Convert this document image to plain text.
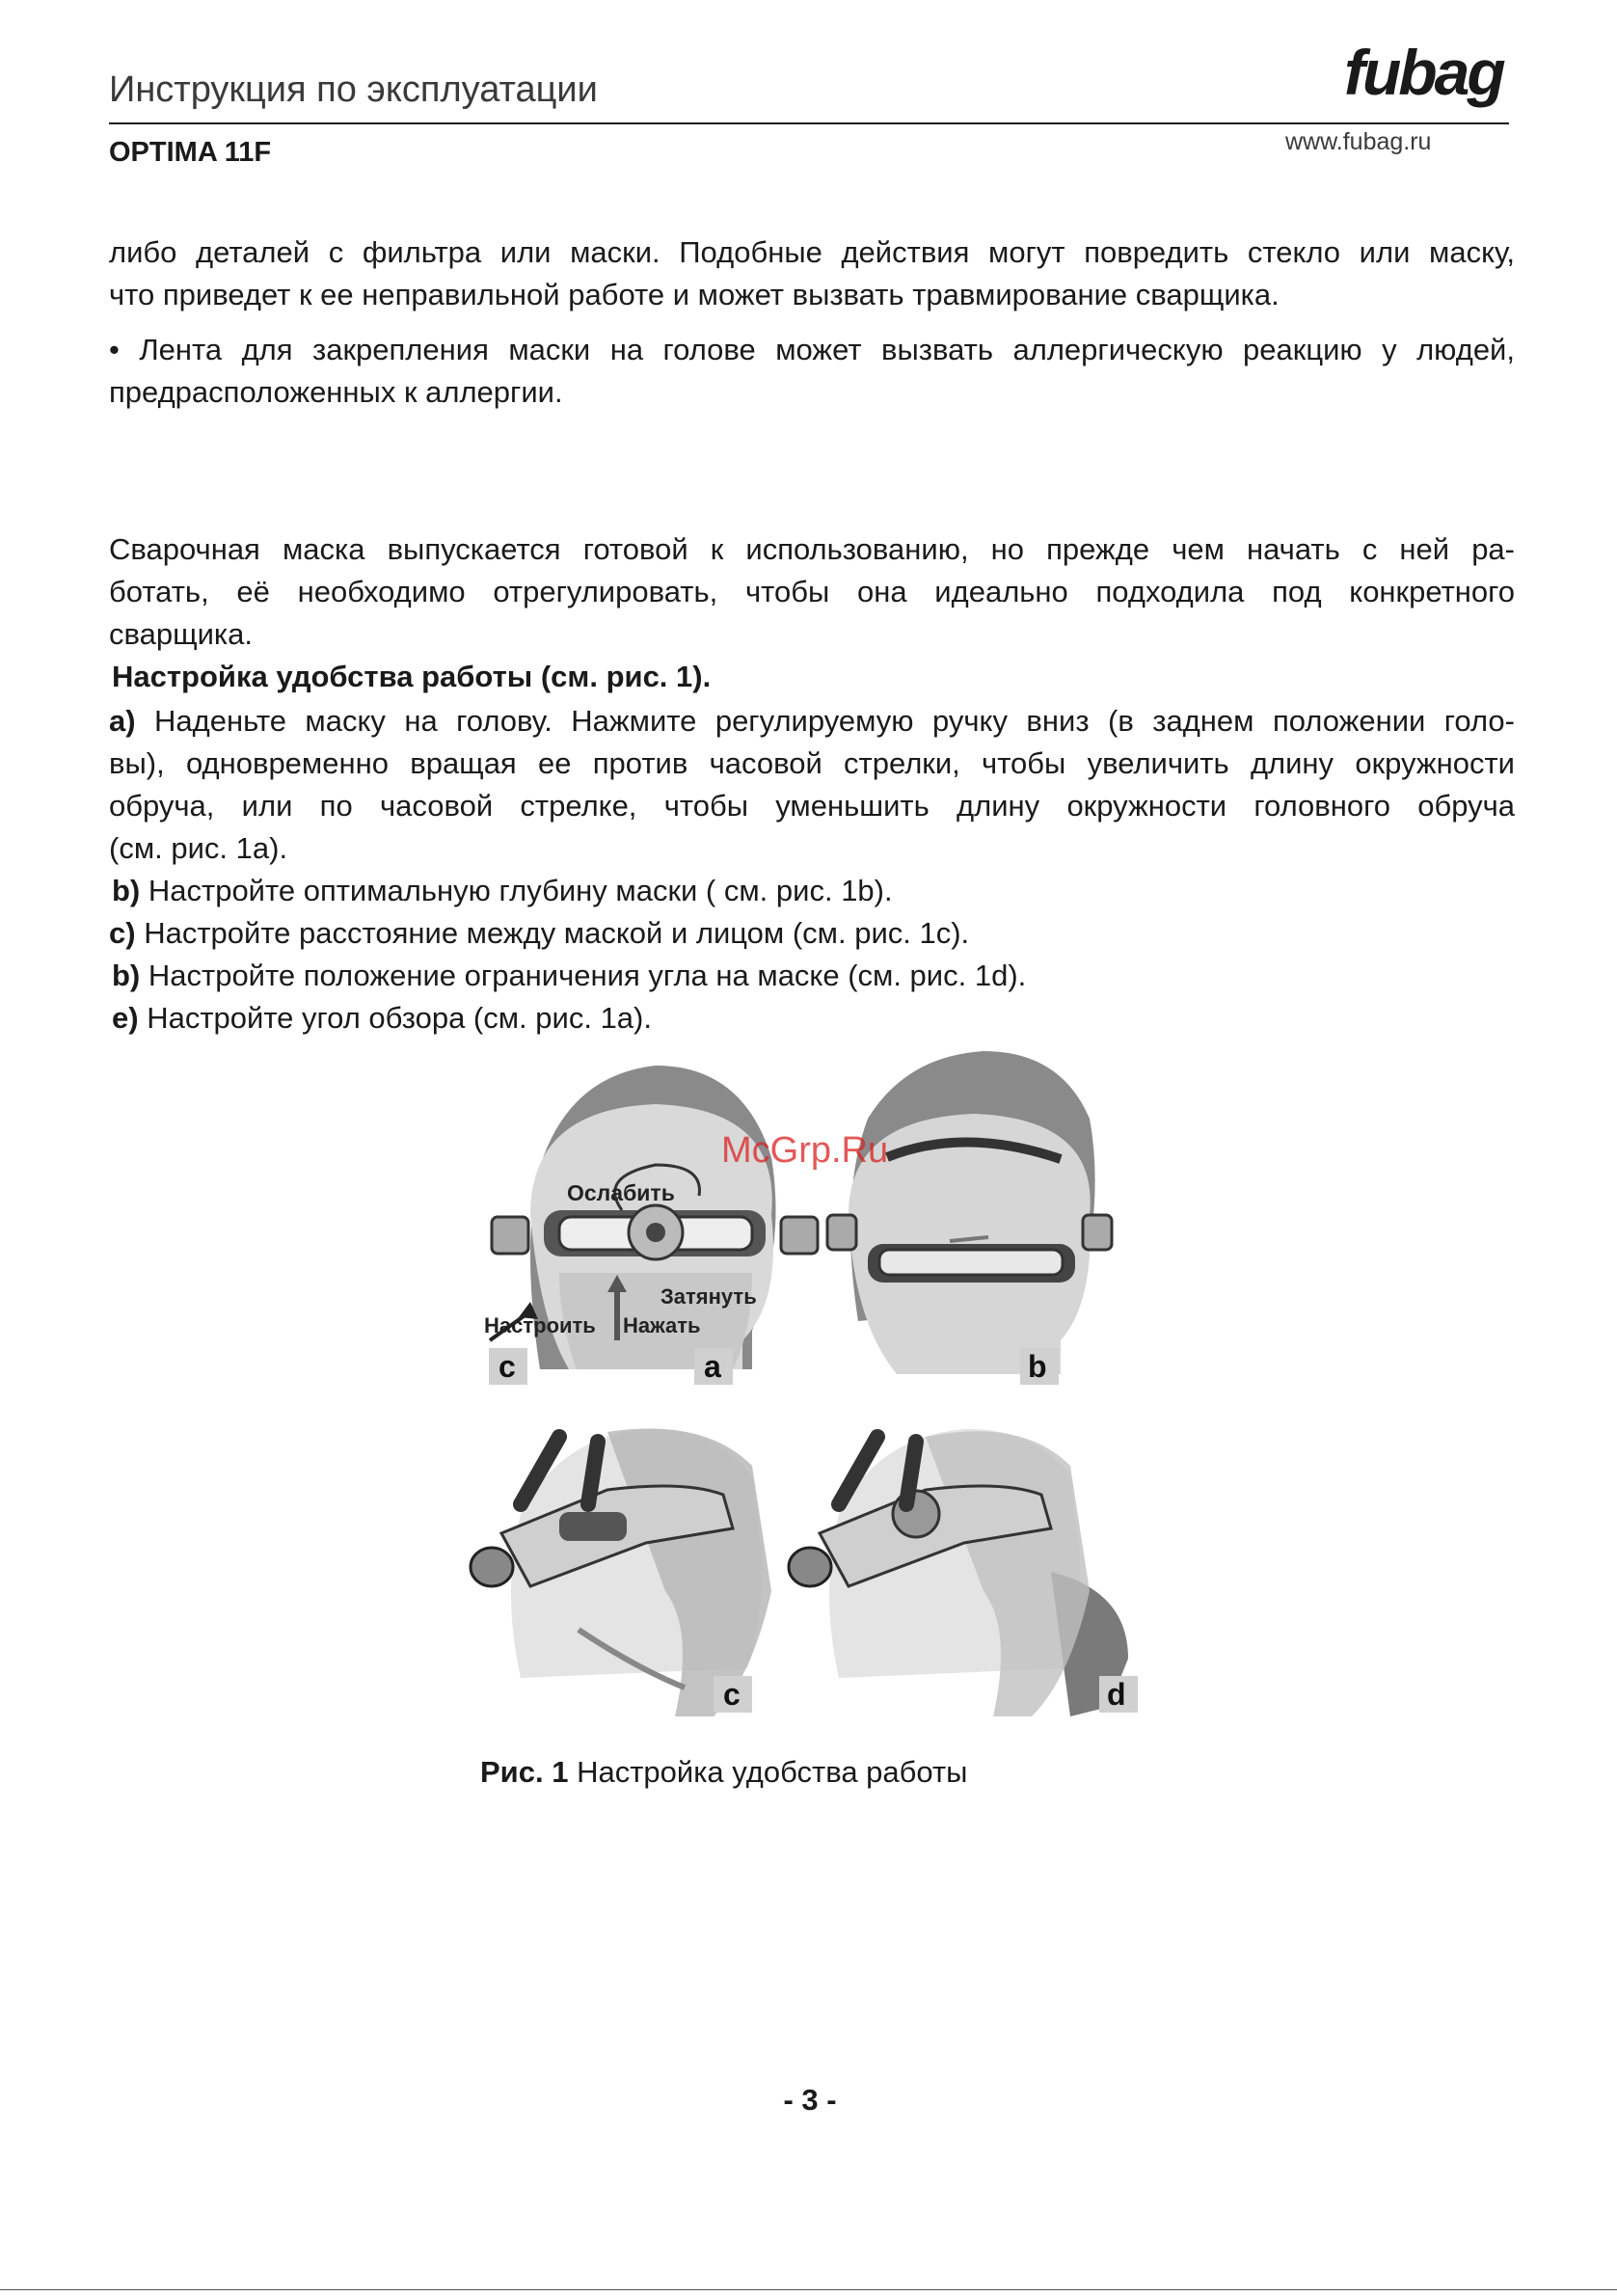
Инструкция по эксплуатации
OPTIMA 11F
fubag
www.fubag.ru
либо деталей с фильтра или маски. Подобные действия могут повредить стекло или маску,
что приведет к ее неправильной работе и может вызвать травмирование сварщика.
• Лента для закрепления маски на голове может вызвать аллергическую реакцию у людей,
предрасположенных к аллергии.
Сварочная маска выпускается готовой к использованию, но прежде чем начать с ней ра-
ботать, её необходимо отрегулировать, чтобы она идеально подходила под конкретного
сварщика.
Настройка удобства работы (см. рис. 1).
a) Наденьте маску на голову. Нажмите регулируемую ручку вниз (в заднем положении голо-
вы), одновременно вращая ее против часовой стрелки, чтобы увеличить длину окружности
обруча, или по часовой стрелке, чтобы уменьшить длину окружности головного обруча
(см. рис. 1a).
b) Настройте оптимальную глубину маски ( см. рис. 1b).
c) Настройте расстояние между маской и лицом (см. рис. 1c).
b) Настройте положение ограничения угла на маске (см. рис. 1d).
e) Настройте угол обзора (см. рис. 1a).
Ослабить
Затянуть
Настроить Нажать
c	a	b
c	d
McGrp.Ru
Рис. 1 Настройка удобства работы
- 3 -
